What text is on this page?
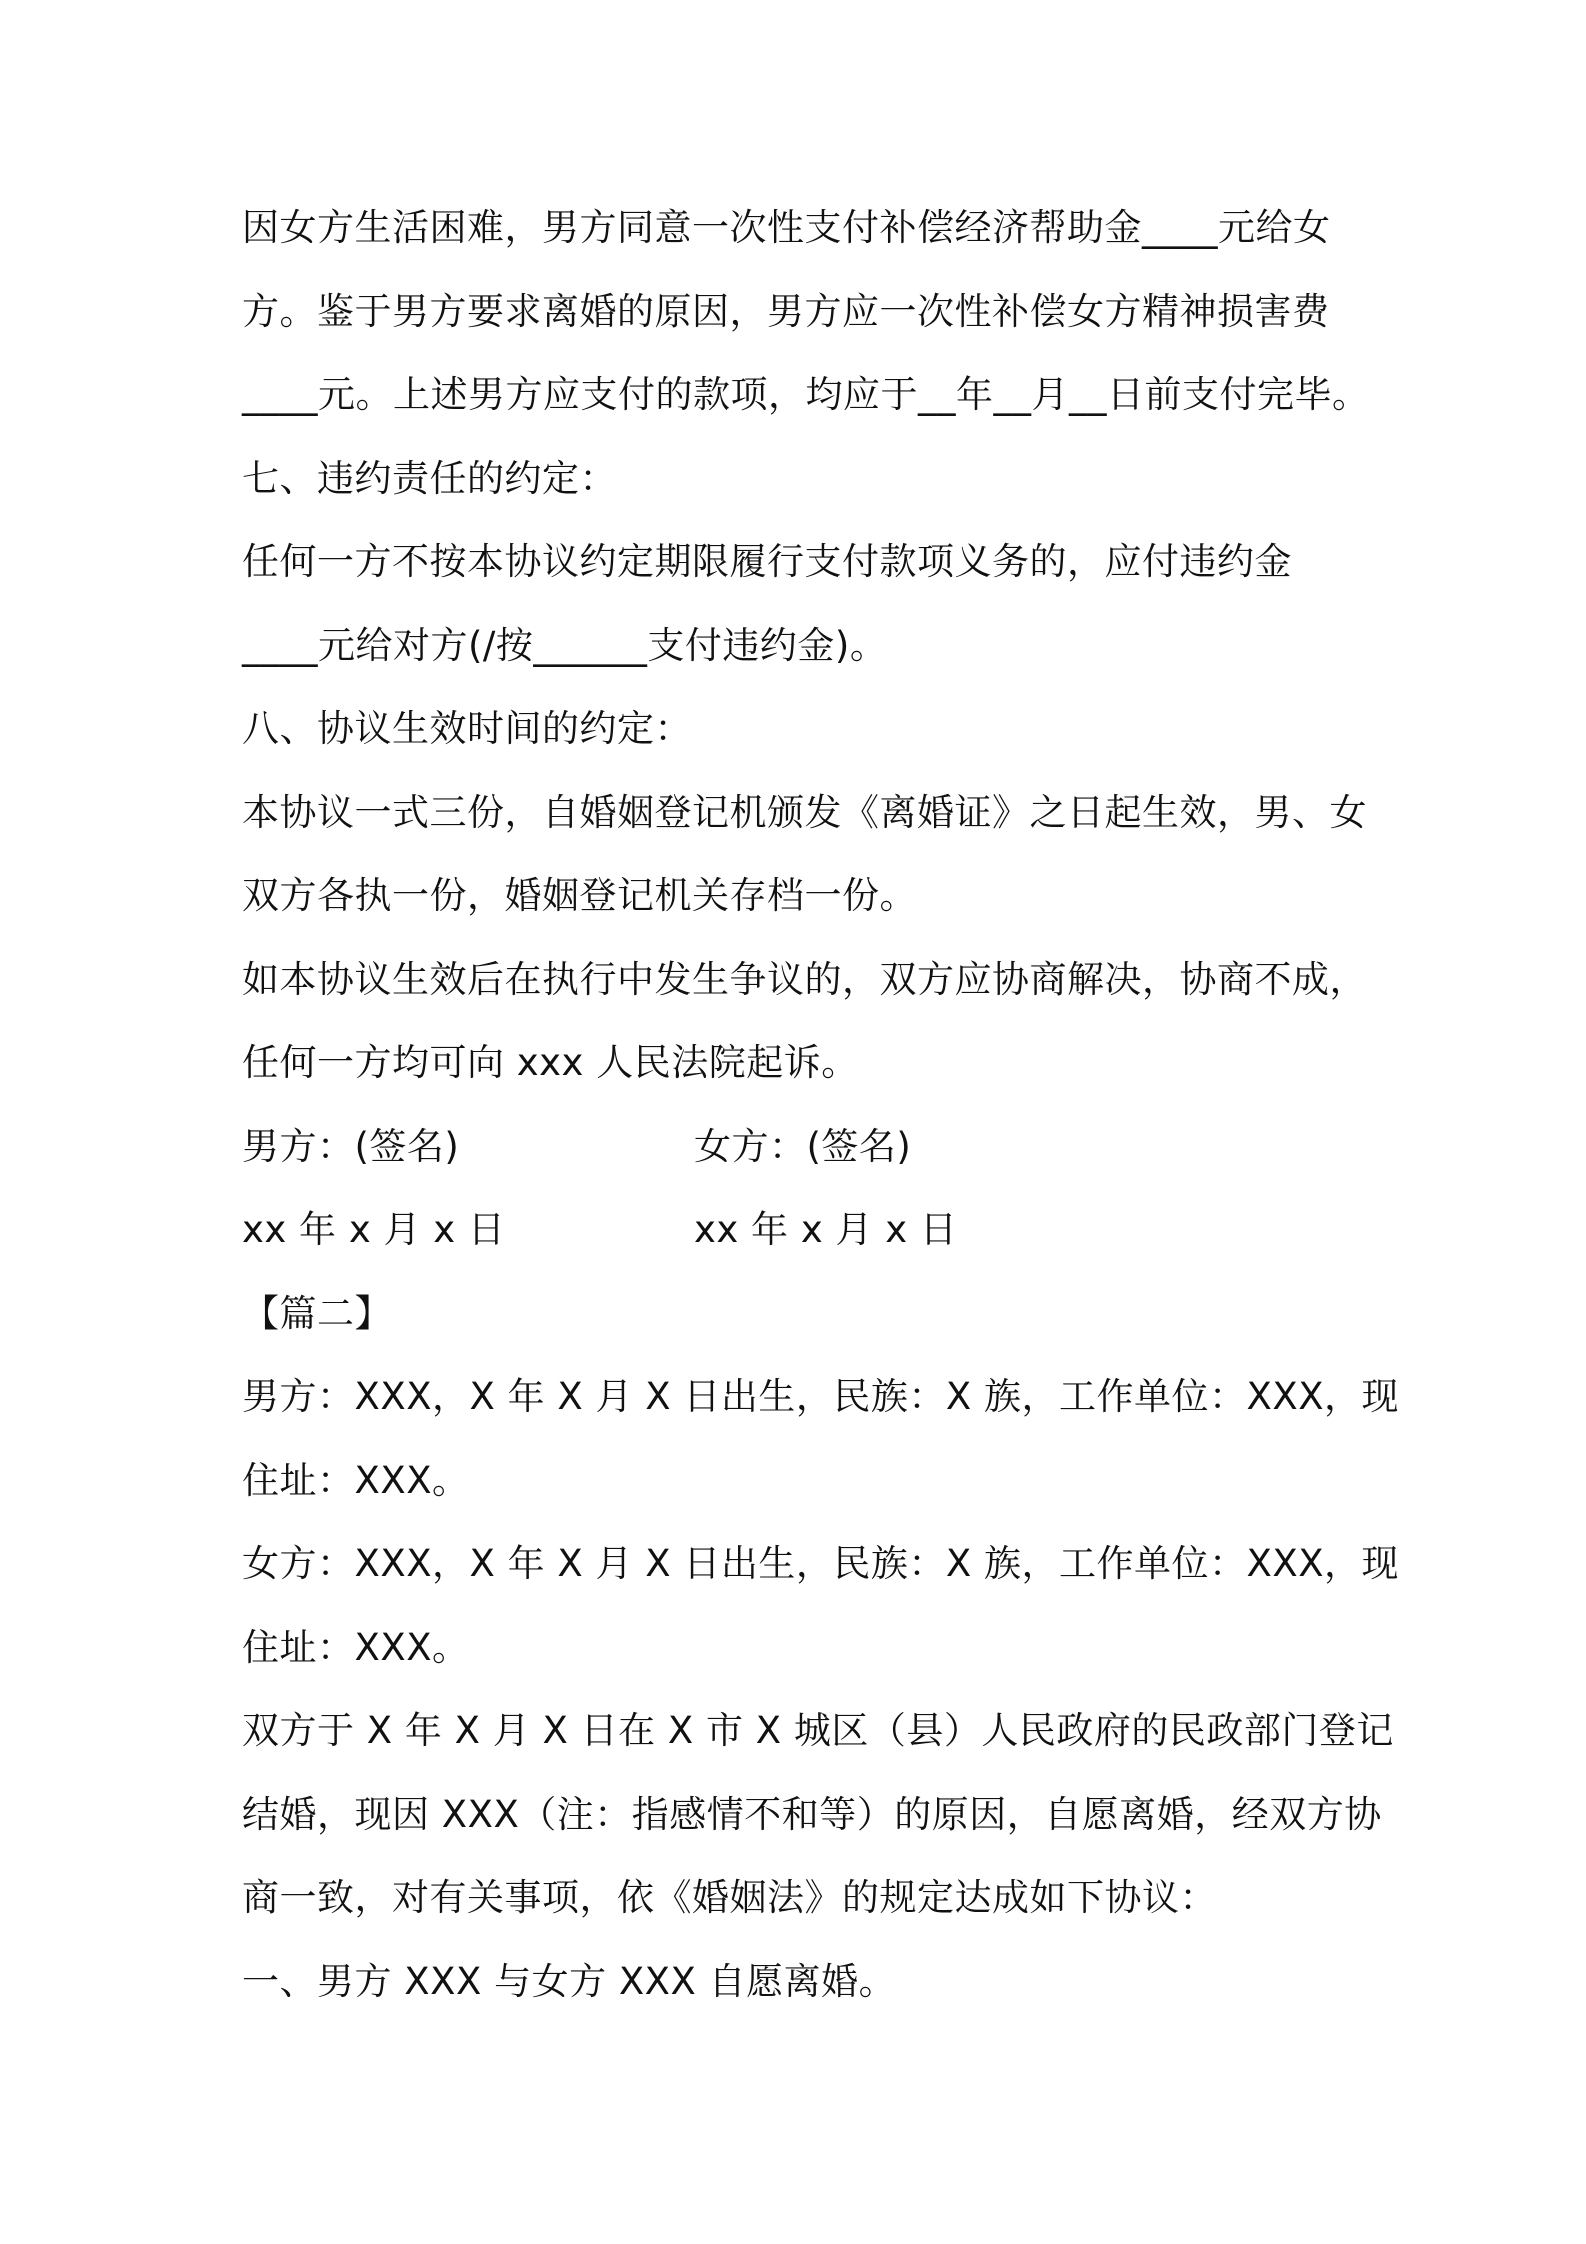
因女方生活困难，男方同意一次性支付补偿经济帮助金____元给女
方。鉴于男方要求离婚的原因，男方应一次性补偿女方精神损害费
____元。上述男方应支付的款项，均应于__年__月__日前支付完毕。
七、违约责任的约定：
任何一方不按本协议约定期限履行支付款项义务的，应付违约金
____元给对方(/按______支付违约金)。
八、协议生效时间的约定：
本协议一式三份，自婚姻登记机颁发《离婚证》之日起生效，男、女
双方各执一份，婚姻登记机关存档一份。
如本协议生效后在执行中发生争议的，双方应协商解决，协商不成，
任何一方均可向 xxx 人民法院起诉。
男方：(签名)	女方：(签名)
xx 年 x 月 x 日	xx 年 x 月 x 日
【篇二】
男方：XXX，X 年 X 月 X 日出生，民族：X 族，工作单位：XXX，现
住址：XXX。
女方：XXX，X 年 X 月 X 日出生，民族：X 族，工作单位：XXX，现
住址：XXX。
双方于 X 年 X 月 X 日在 X 市 X 城区（县）人民政府的民政部门登记
结婚，现因 XXX（注：指感情不和等）的原因，自愿离婚，经双方协
商一致，对有关事项，依《婚姻法》的规定达成如下协议：
一、男方 XXX 与女方 XXX 自愿离婚。
